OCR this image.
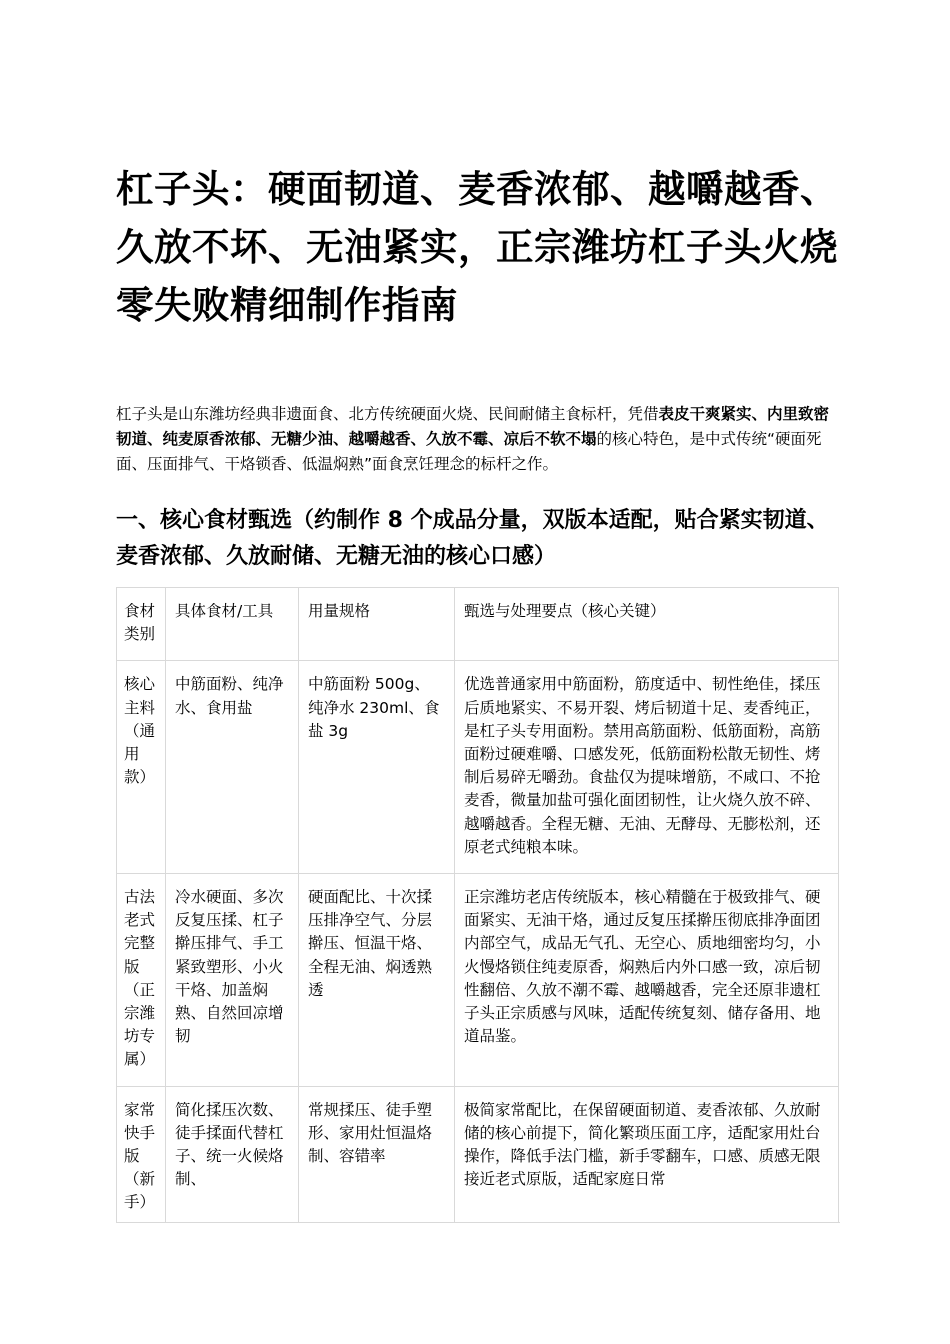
杠子头：硬面韧道、麦香浓郁、越嚼越香、久放不坏、无油紧实，正宗潍坊杠子头火烧零失败精细制作指南

杠子头是山东潍坊经典非遗面食、北方传统硬面火烧、民间耐储主食标杆，凭借表皮干爽紧实、内里致密韧道、纯麦原香浓郁、无糖少油、越嚼越香、久放不霉、凉后不软不塌的核心特色，是中式传统“硬面死面、压面排气、干烙锁香、低温焖熟”面食烹饪理念的标杆之作。

一、核心食材甄选（约制作 8 个成品分量，双版本适配，贴合紧实韧道、麦香浓郁、久放耐储、无糖无油的核心口感）
食材类别	具体食材/工具	用量规格	甄选与处理要点（核心关键）
核心主料（通用款）	中筋面粉、纯净水、食用盐	中筋面粉 500g、纯净水 230ml、食盐 3g	优选普通家用中筋面粉，筋度适中、韧性绝佳，揉压后质地紧实、不易开裂、烤后韧道十足、麦香纯正，是杠子头专用面粉。禁用高筋面粉、低筋面粉，高筋面粉过硬难嚼、口感发死，低筋面粉松散无韧性、烤制后易碎无嚼劲。食盐仅为提味增筋，不咸口、不抢麦香，微量加盐可强化面团韧性，让火烧久放不碎、越嚼越香。全程无糖、无油、无酵母、无膨松剂，还原老式纯粮本味。
古法老式完整版（正宗潍坊专属）	冷水硬面、多次反复压揉、杠子擀压排气、手工紧致塑形、小火干烙、加盖焖熟、自然回凉增韧	硬面配比、十次揉压排净空气、分层擀压、恒温干烙、全程无油、焖透熟透	正宗潍坊老店传统版本，核心精髓在于极致排气、硬面紧实、无油干烙，通过反复压揉擀压彻底排净面团内部空气，成品无气孔、无空心、质地细密均匀，小火慢烙锁住纯麦原香，焖熟后内外口感一致，凉后韧性翻倍、久放不潮不霉、越嚼越香，完全还原非遗杠子头正宗质感与风味，适配传统复刻、储存备用、地道品鉴。
家常快手版（新手）	简化揉压次数、徒手揉面代替杠子、统一火候烙制、	常规揉压、徒手塑形、家用灶恒温烙制、容错率	极简家常配比，在保留硬面韧道、麦香浓郁、久放耐储的核心前提下，简化繁琐压面工序，适配家用灶台操作，降低手法门槛，新手零翻车，口感、质感无限接近老式原版，适配家庭日常
